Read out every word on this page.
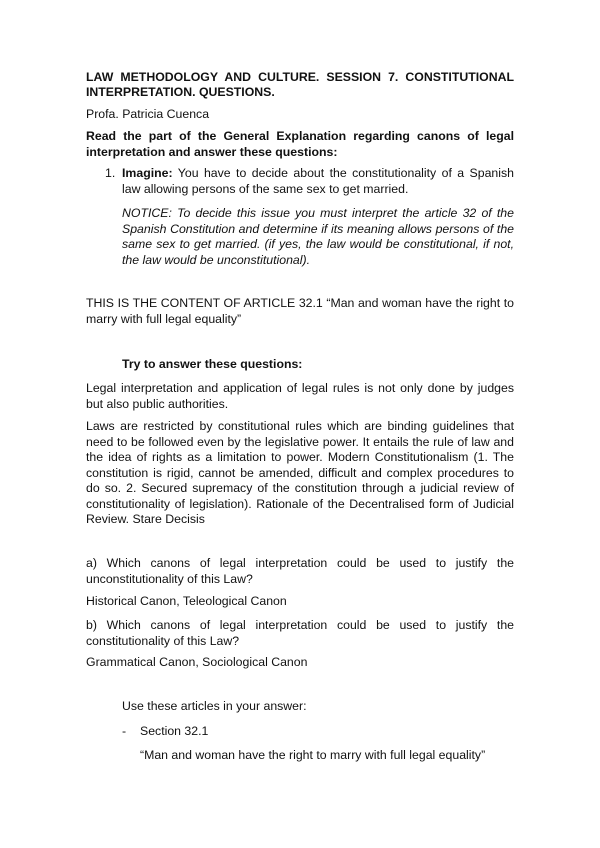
LAW METHODOLOGY AND CULTURE. SESSION 7. CONSTITUTIONAL INTERPRETATION. QUESTIONS.

Profa. Patricia Cuenca

Read the part of the General Explanation regarding canons of legal interpretation and answer these questions:

1. Imagine: You have to decide about the constitutionality of a Spanish law allowing persons of the same sex to get married.

NOTICE: To decide this issue you must interpret the article 32 of the Spanish Constitution and determine if its meaning allows persons of the same sex to get married. (if yes, the law would be constitutional, if not, the law would be unconstitutional).

THIS IS THE CONTENT OF ARTICLE 32.1 “Man and woman have the right to marry with full legal equality”

Try to answer these questions:

Legal interpretation and application of legal rules is not only done by judges but also public authorities.

Laws are restricted by constitutional rules which are binding guidelines that need to be followed even by the legislative power. It entails the rule of law and the idea of rights as a limitation to power. Modern Constitutionalism (1. The constitution is rigid, cannot be amended, difficult and complex procedures to do so. 2. Secured supremacy of the constitution through a judicial review of constitutionality of legislation). Rationale of the Decentralised form of Judicial Review. Stare Decisis

a) Which canons of legal interpretation could be used to justify the unconstitutionality of this Law?

Historical Canon, Teleological Canon

b) Which canons of legal interpretation could be used to justify the constitutionality of this Law?

Grammatical Canon, Sociological Canon

Use these articles in your answer:

- Section 32.1

“Man and woman have the right to marry with full legal equality”
